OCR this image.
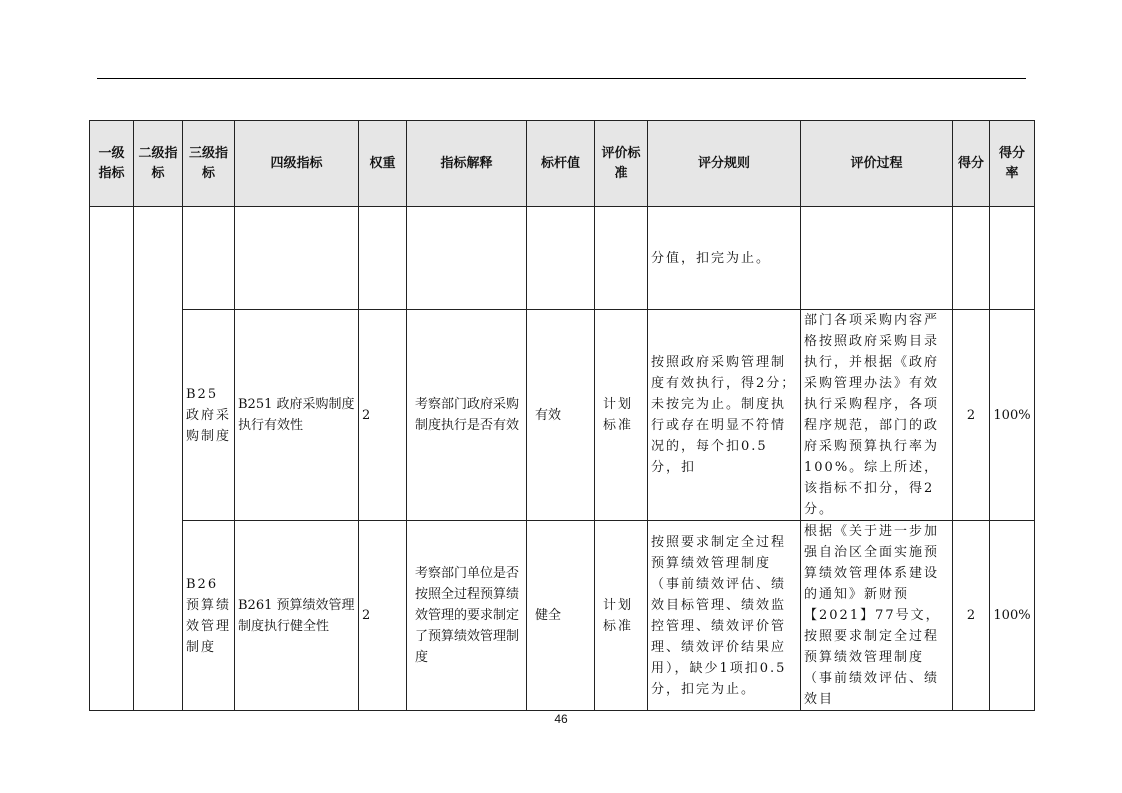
一级指标	二级指标	三级指标	四级指标	权重	指标解释	标杆值	评价标准	评分规则	评价过程	得分	得分率
								分值，扣完为止。			
		B25 政府采购制度	B251 政府采购制度执行有效性	2	考察部门政府采购制度执行是否有效	有效	计划标准	按照政府采购管理制度有效执行，得2分；未按完为止。制度执行或存在明显不符情况的，每个扣0.5分，扣	部门各项采购内容严格按照政府采购目录执行，并根据《政府采购管理办法》有效执行采购程序，各项程序规范，部门的政府采购预算执行率为100%。综上所述，该指标不扣分，得2分。	2	100%
		B26 预算绩效管理制度	B261 预算绩效管理制度执行健全性	2	考察部门单位是否按照全过程预算绩效管理的要求制定了预算绩效管理制度	健全	计划标准	按照要求制定全过程预算绩效管理制度（事前绩效评估、绩效目标管理、绩效监控管理、绩效评价管理、绩效评价结果应用），缺少1项扣0.5分，扣完为止。	根据《关于进一步加强自治区全面实施预算绩效管理体系建设的通知》新财预【2021】77号文，按照要求制定全过程预算绩效管理制度（事前绩效评估、绩效目	2	100%
46
